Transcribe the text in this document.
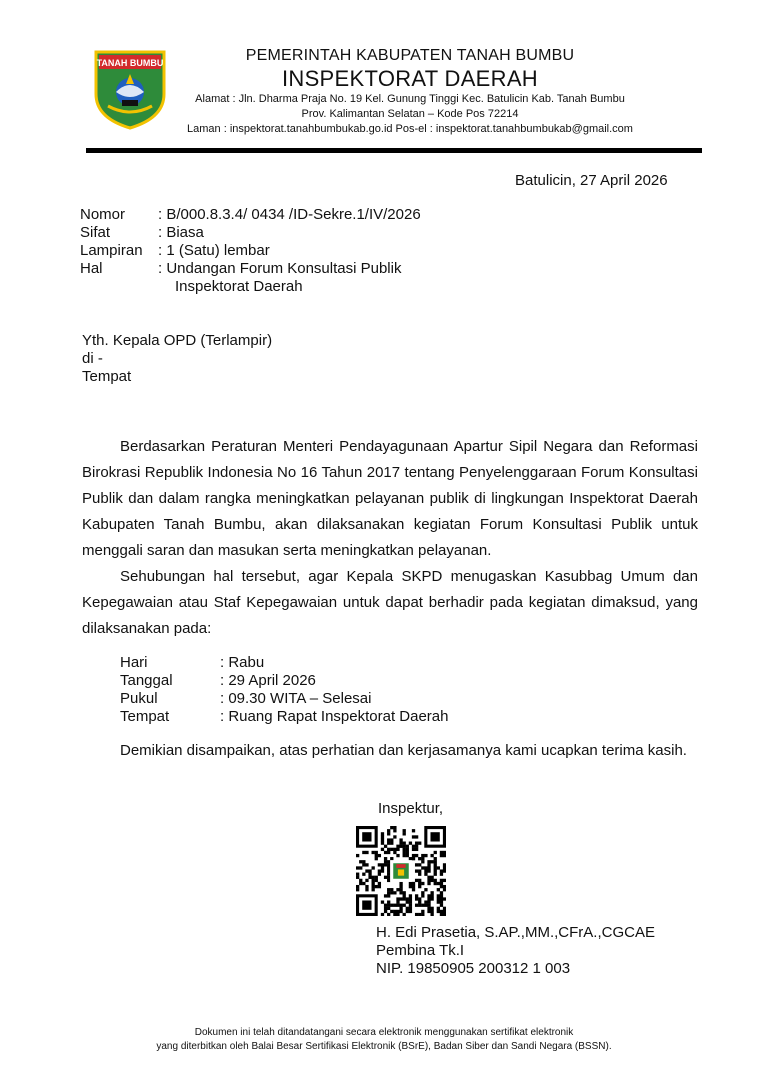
TANAH BUMBU	PEMERINTAH KABUPATEN TANAH BUMBU
INSPEKTORAT DAERAH
Alamat : Jln. Dharma Praja No. 19 Kel. Gunung Tinggi Kec. Batulicin Kab. Tanah Bumbu
Prov. Kalimantan Selatan – Kode Pos 72214
Laman : inspektorat.tanahbumbukab.go.id Pos-el : inspektorat.tanahbumbukab@gmail.com
Batulicin, 27 April 2026
Nomor	: B/000.8.3.4/ 0434 /ID-Sekre.1/IV/2026
Sifat	: Biasa
Lampiran	: 1 (Satu) lembar
Hal	: Undangan Forum Konsultasi Publik
Inspektorat Daerah
Yth. Kepala OPD (Terlampir)
di -
Tempat

Berdasarkan Peraturan Menteri Pendayagunaan Apartur Sipil Negara dan Reformasi Birokrasi Republik Indonesia No 16 Tahun 2017 tentang Penyelenggaraan Forum Konsultasi Publik dan dalam rangka meningkatkan pelayanan publik di lingkungan Inspektorat Daerah Kabupaten Tanah Bumbu, akan dilaksanakan kegiatan Forum Konsultasi Publik untuk menggali saran dan masukan serta meningkatkan pelayanan.

Sehubungan hal tersebut, agar Kepala SKPD menugaskan Kasubbag Umum dan Kepegawaian atau Staf Kepegawaian untuk dapat berhadir pada kegiatan dimaksud, yang dilaksanakan pada:

Hari	: Rabu
Tanggal	: 29 April 2026
Pukul	: 09.30 WITA – Selesai
Tempat	: Ruang Rapat Inspektorat Daerah
Demikian disampaikan, atas perhatian dan kerjasamanya kami ucapkan terima kasih.
Inspektur,
H. Edi Prasetia, S.AP.,MM.,CFrA.,CGCAE
Pembina Tk.I
NIP. 19850905 200312 1 003
Dokumen ini telah ditandatangani secara elektronik menggunakan sertifikat elektronik
yang diterbitkan oleh Balai Besar Sertifikasi Elektronik (BSrE), Badan Siber dan Sandi Negara (BSSN).
